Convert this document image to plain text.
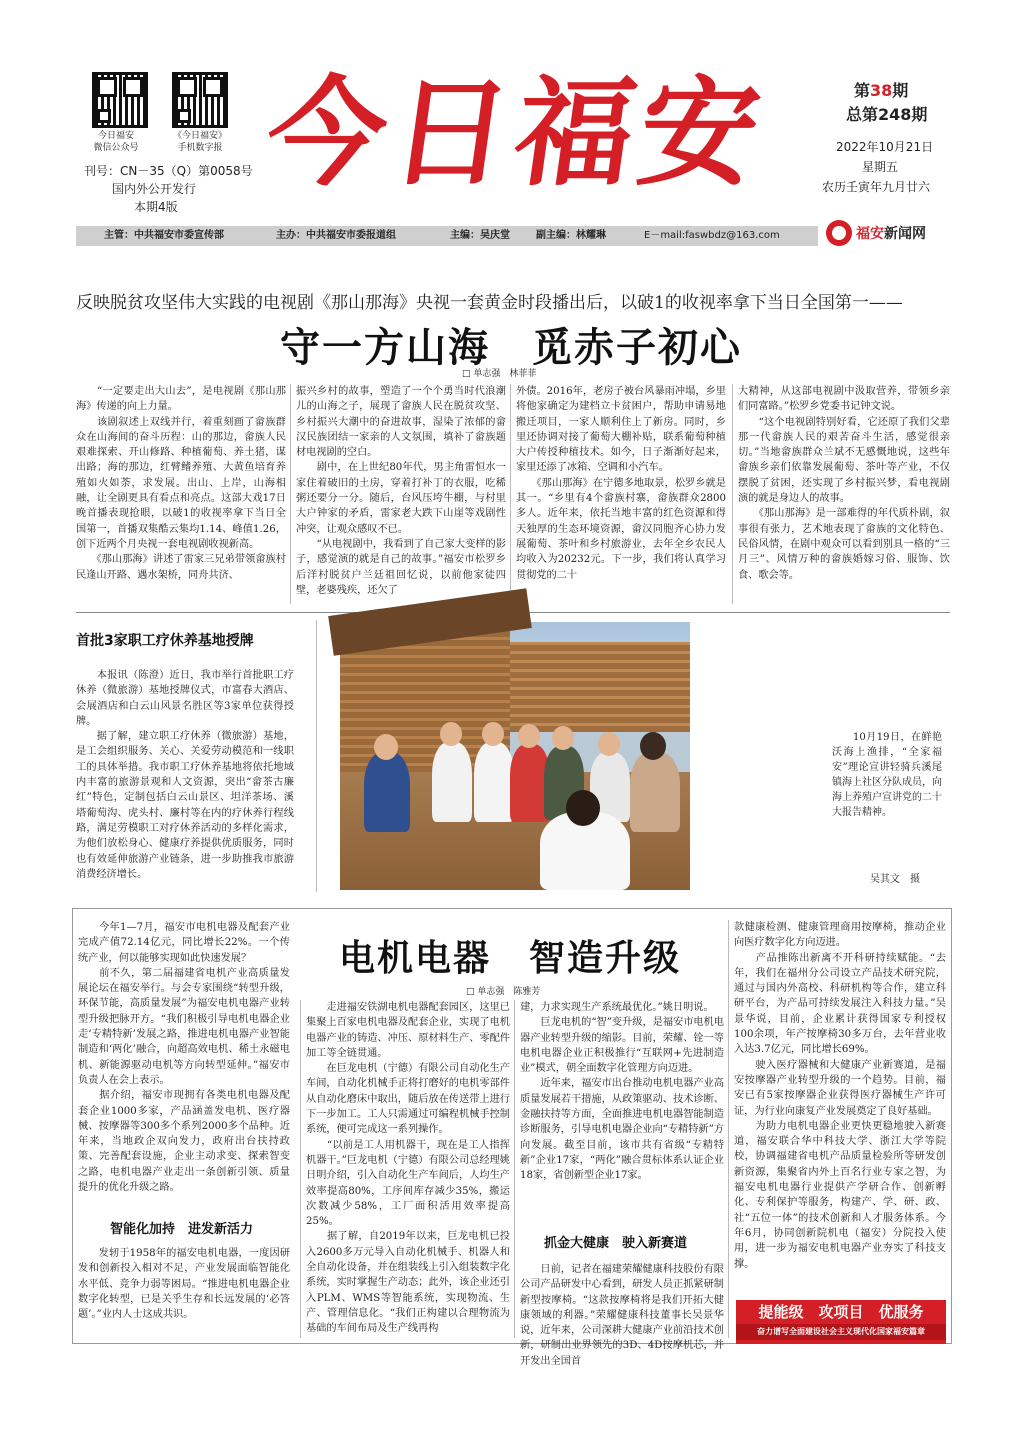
今日福安
微信公众号
《今日福安》
手机数字报
刊号：CN－35（Q）第0058号
国内外公开发行
本期4版
今日福安	第38期
总第248期
2022年10月21日
星期五
农历壬寅年九月廿六
主管：中共福安市委宣传部	主办：中共福安市委报道组	主编：吴庆堂	副主编：林耀琳	E－mail:faswbdz@163.com	福安新闻网
反映脱贫攻坚伟大实践的电视剧《那山那海》央视一套黄金时段播出后，以破1的收视率拿下当日全国第一——
守一方山海　觅赤子初心
□ 单志强　林菲菲
　　“一定要走出大山去”，是电视剧《那山那海》传递的向上力量。
　　该剧叙述上双线并行，着重刻画了畲族群众在山海间的奋斗历程：山的那边，畲族人民艰难探索、开山修路、种植葡萄、养土猪，谋出路；海的那边，红臂鳍养殖、大黄鱼培育养殖如火如荼，求发展。出山、上岸，山海相融，让全剧更具有看点和亮点。这部大戏17日晚首播表现抢眼，以破1的收视率拿下当日全国第一，首播双集酷云集均1.14、峰值1.26，创下近两个月央视一套电视剧收视新高。
　　《那山那海》讲述了雷家三兄弟带领畲族村民逢山开路、遇水架桥，同舟共济、
振兴乡村的故事，塑造了一个个勇当时代浪潮儿的山海之子，展现了畲族人民在脱贫攻坚、乡村振兴大潮中的奋进故事，湿染了浓郁的畲汉民族团结一家亲的人文氛围，填补了畲族题材电视剧的空白。
　　剧中，在上世纪80年代，男主角雷恒水一家住着破旧的土房，穿着打补丁的衣服，吃稀粥还要分一分。随后，台风压垮牛棚，与村里大户钟家的矛盾，雷家老大跌下山崖等戏剧性冲突，让观众感叹不已。
　　“从电视剧中，我看到了自己家大变样的影子，感觉演的就是自己的故事。”福安市松罗乡后洋村脱贫户兰廷祖回忆说，以前他家徒四壁，老婆残疾，还欠了
外债。2016年，老房子被台风暴雨冲塌，乡里将他家确定为建档立卡贫困户，帮助申请易地搬迁项目，一家人顺利住上了新房。同时，乡里还协调对接了葡萄大棚补贴，联系葡萄种植大户传授种植技术。如今，日子渐渐好起来，家里还添了冰箱、空调和小汽车。
　　《那山那海》在宁德多地取景，松罗乡就是其一。“乡里有4个畲族村寨，畲族群众2800多人。近年来，依托当地丰富的红色资源和得天独厚的生态环境资源，畲汉同胞齐心协力发展葡萄、茶叶和乡村旅游业，去年全乡农民人均收入为20232元。下一步，我们将认真学习贯彻党的二十
大精神，从这部电视剧中汲取营养，带领乡亲们同富路。”松罗乡党委书记钟文说。
　　“这个电视剧特别好看，它还原了我们父辈那一代畲族人民的艰苦奋斗生活，感觉很亲切。”当地畲族群众兰斌不无感慨地说，这些年畲族乡亲们依靠发展葡萄、茶叶等产业，不仅摆脱了贫困，还实现了乡村振兴梦，看电视剧演的就是身边人的故事。
　　《那山那海》是一部难得的年代质朴剧，叙事很有张力，艺术地表现了畲族的文化特色、民俗风情，在剧中观众可以看到别具一格的“三月三”、风情万种的畲族婚嫁习俗、服饰、饮食、歌会等。
首批3家职工疗休养基地授牌
　　本报讯（陈澄）近日，我市举行首批职工疗休养（微旅游）基地授牌仪式，市富春大酒店、会展酒店和白云山风景名胜区等3家单位获得授牌。
　　据了解，建立职工疗休养（微旅游）基地，是工会组织服务、关心、关爱劳动模范和一线职工的具体举措。我市职工疗休养基地将依托地域内丰富的旅游景观和人文资源，突出“畲茶古廉红”特色，定制包括白云山景区、坦洋茶场、溪塔葡萄沟、虎头村、廉村等在内的疗休养行程线路，满足劳模职工对疗休养活动的多样化需求，为他们放松身心、健康疗养提供优质服务，同时也有效延伸旅游产业链条，进一步助推我市旅游消费经济增长。
　　10月19日，在鲜艳沃海上渔排，“全家福安”理论宣讲轻骑兵溪尾镇海上社区分队成员，向海上养殖户宣讲党的二十大报告精神。
吴其文　摄
　　今年1—7月，福安市电机电器及配套产业完成产值72.14亿元，同比增长22%。一个传统产业，何以能够实现如此快速发展？
　　前不久，第二届福建省电机产业高质量发展论坛在福安举行。与会专家围绕“转型升级，环保节能，高质量发展”为福安电机电器产业转型升级把脉开方。“我们积极引导电机电器企业走‘专精特新’发展之路，推进电机电器产业智能制造和‘两化’融合，向超高效电机、稀土永磁电机、新能源驱动电机等方向转型延伸。”福安市负责人在会上表示。
　　据介绍，福安市现拥有各类电机电器及配套企业1000多家，产品涵盖发电机、医疗器械、按摩器等300多个系列2000多个品种。近年来，当地政企双向发力，政府出台扶持政策、完善配套设施，企业主动求变、探索智变之路，电机电器产业走出一条创新引领、质量提升的优化升级之路。
智能化加持　进发新活力
　　发轫于1958年的福安电机电器，一度因研发和创新投入相对不足，产业发展面临智能化水平低、竞争力弱等困局。“推进电机电器企业数字化转型，已是关乎生存和长远发展的‘必答题’。”业内人士这成共识。
电机电器　智造升级
□ 单志强　陈雅芳
　　走进福安铁湖电机电器配套园区，这里已集聚上百家电机电器及配套企业，实现了电机电器产业的铸造、冲压、原材料生产、零配件加工等全链贯通。
　　在巨龙电机（宁德）有限公司自动化生产车间，自动化机械手正将打磨好的电机零部件从自动化磨床中取出，随后放在传送带上进行下一步加工。工人只需通过可编程机械手控制系统，便可完成这一系列操作。
　　“以前是工人用机器干，现在是工人指挥机器干。”巨龙电机（宁德）有限公司总经理姚日明介绍，引入自动化生产车间后，人均生产效率提高80%，工序间库存减少35%，搬运次数减少58%，工厂面积活用效率提高25%。
　　据了解，自2019年以来，巨龙电机已投入2600多万元导入自动化机械手、机器人和全自动化设备，并在组装线上引入组装数字化系统，实时掌握生产动态；此外，该企业还引入PLM、WMS等智能系统，实现物流、生产、管理信息化。“我们正构建以合理物流为基础的车间布局及生产线再构
建，力求实现生产系统最优化。”姚日明说。
　　巨龙电机的“智”变升级，是福安市电机电器产业转型升级的缩影。目前，荣耀、铨一等电机电器企业正积极推行“互联网+先进制造业”模式，朝全面数字化管理方向迈进。
　　近年来，福安市出台推动电机电器产业高质量发展若干措施，从政策驱动、技术诊断、金融扶持等方面，全面推进电机电器智能制造诊断服务，引导电机电器企业向“专精特新”方向发展。截至目前，该市共有省级“专精特新”企业17家，“两化”融合贯标体系认证企业18家，省创新型企业17家。
抓金大健康　驶入新赛道
　　日前，记者在福建荣耀健康科技股份有限公司产品研发中心看到，研发人员正抓紧研制新型按摩椅。“这款按摩椅将是我们开拓大健康领域的利器。”荣耀健康科技董事长吴景华说，近年来，公司深耕大健康产业前沿技术创新，研制出业界领先的3D、4D按摩机芯，并开发出全国首
款健康检测、健康管理商用按摩椅，推动企业向医疗数字化方向迈进。
　　产品推陈出新离不开科研持续赋能。“去年，我们在福州分公司设立产品技术研究院，通过与国内外高校、科研机构等合作，建立科研平台，为产品可持续发展注入科技力量。”吴景华说，目前，企业累计获得国家专利授权100余项，年产按摩椅30多万台，去年营业收入达3.7亿元，同比增长69%。
　　驶入医疗器械和大健康产业新赛道，是福安按摩器产业转型升级的一个趋势。目前，福安已有5家按摩器企业获得医疗器械生产许可证，为行业向康复产业发展奠定了良好基础。
　　为助力电机电器企业更快更稳地驶入新赛道，福安联合华中科技大学、浙江大学等院校，协调福建省电机产品质量检验所等研发创新资源，集聚省内外上百名行业专家之智，为福安电机电器行业提供产学研合作、创新孵化、专利保护等服务，构建产、学、研、政、社“五位一体”的技术创新和人才服务体系。今年6月，协同创新院机电（福安）分院投入使用，进一步为福安电机电器产业夯实了科技支撑。
提能级　攻项目　优服务
奋力谱写全面建设社会主义现代化国家福安篇章
